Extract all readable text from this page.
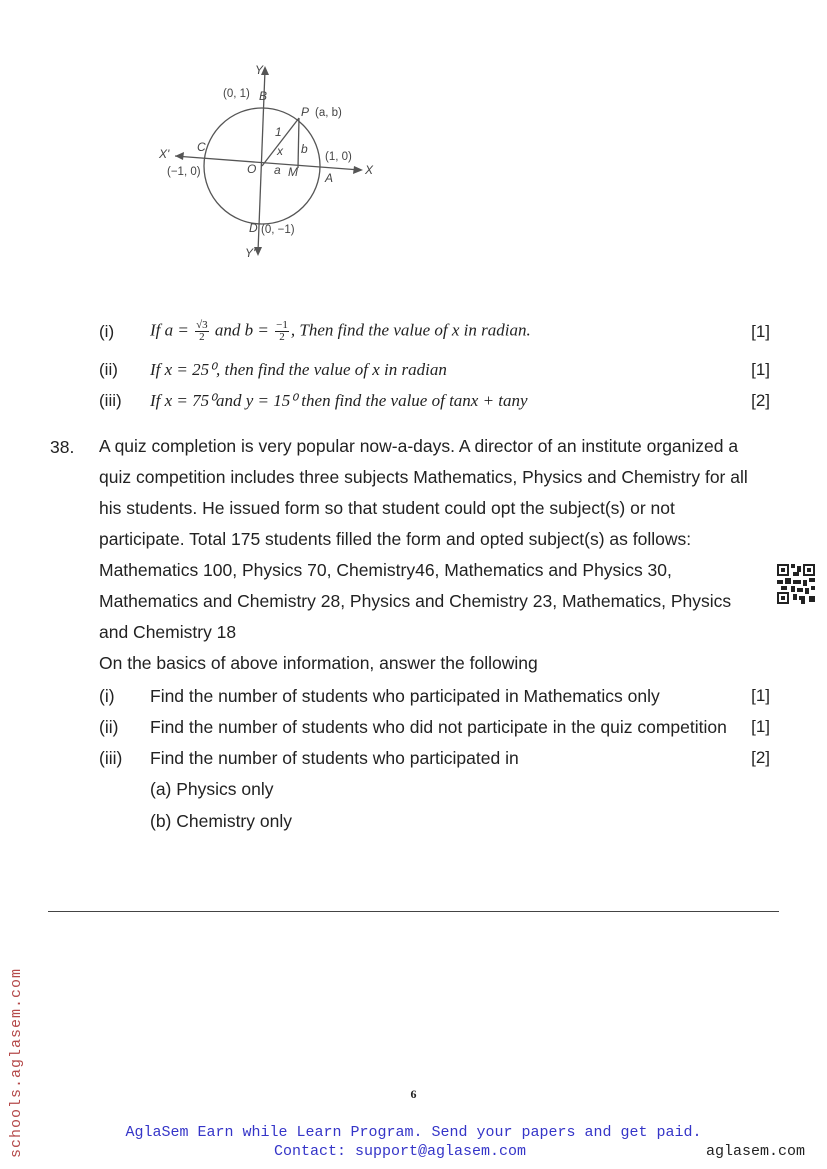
Y
Y'
X
X'
B
P
C
A
D
O	M
a
b
1
x
(0, 1)
(a, b)
(−1, 0)
(1, 0)
(0, −1)
(i) If $a = \frac{√3}{2}$ and $b = \frac{-1}{2}$ , Then find the value of x in radian.	[1]
(ii) If x = 25⁰, then find the value of x in radian	[1]
(iii) If x = 75⁰and y = 15⁰ then find the value of tanx + tany	[2]
38. A quiz completion is very popular now-a-days. A director of an institute organized a
quiz competition includes three subjects Mathematics, Physics and Chemistry for all
his students. He issued form so that student could opt the subject(s) or not
participate. Total 175 students filled the form and opted subject(s) as follows:
Mathematics 100, Physics 70, Chemistry46, Mathematics and Physics 30,
Mathematics and Chemistry 28, Physics and Chemistry 23, Mathematics, Physics
and Chemistry 18
On the basics of above information, answer the following
(i) Find the number of students who participated in Mathematics only	[1]
(ii) Find the number of students who did not participate in the quiz competition [1]
(iii) Find the number of students who participated in	[2]
(a) Physics only
(b) Chemistry only
schools.aglasem.com	6
AglaSem Earn while Learn Program. Send your papers and get paid.
Contact: support@aglasem.com	aglasem.com
